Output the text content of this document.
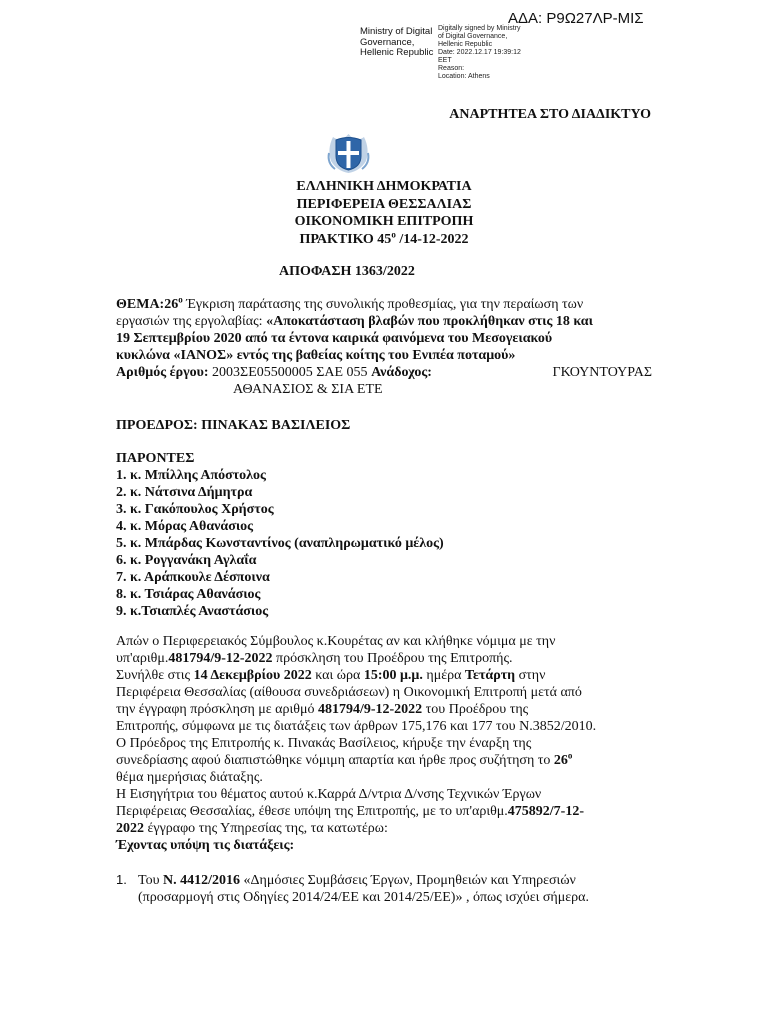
ΑΔΑ: Ρ9Ω27ΛΡ-ΜΙΣ
Ministry of Digital
Governance,
Hellenic Republic
Digitally signed by Ministry
of Digital Governance,
Hellenic Republic
Date: 2022.12.17 19:39:12
EET
Reason:
Location: Athens
ΑΝΑΡΤΗΤΕΑ ΣΤΟ ΔΙΑΔΙΚΤΥΟ
ΕΛΛΗΝΙΚΗ ΔΗΜΟΚΡΑΤΙΑ
ΠΕΡΙΦΕΡΕΙΑ ΘΕΣΣΑΛΙΑΣ
ΟΙΚΟΝΟΜΙΚΗ ΕΠΙΤΡΟΠΗ
ΠΡΑΚΤΙΚΟ $45^o$ /14-12-2022
ΑΠΟΦΑΣΗ 1363/2022
$\Theta EMA:26^o$ Έγκριση παράτασης της συνολικής προθεσμίας, για την περαίωση των
εργασιών της εργολαβίας: «Αποκατάσταση βλαβών που προκλήθηκαν στις 18 και
19 Σεπτεμβρίου 2020 από τα έντονα καιρικά φαινόμενα του Μεσογειακού
κυκλώνα «ΙΑΝΟΣ» εντός της βαθείας κοίτης του Ενιπέα ποταμού»
Αριθμός έργου: 2003ΣΕ05500005 ΣΑΕ 055 Ανάδοχος:	ΓΚΟΥΝΤΟΥΡΑΣ
ΑΘΑΝΑΣΙΟΣ & ΣΙΑ ΕΤΕ
ΠΡΟΕΔΡΟΣ: ΠΙΝΑΚΑΣ ΒΑΣΙΛΕΙΟΣ
ΠΑΡΟΝΤΕΣ
1. κ. Μπίλλης Απόστολος
2. κ. Νάτσινα Δήμητρα
3. κ. Γακόπουλος Χρήστος
4. κ. Μόρας Αθανάσιος
5. κ. Μπάρδας Κωνσταντίνος (αναπληρωματικό μέλος)
6. κ. Ρογγανάκη Αγλαΐα
7. κ. Αράπκουλε Δέσποινα
8. κ. Τσιάρας Αθανάσιος
9. κ.Τσιαπλές Αναστάσιος
Απών ο Περιφερειακός Σύμβουλος κ.Κουρέτας αν και κλήθηκε νόμιμα με την
υπ'αριθμ.481794/9-12-2022 πρόσκληση του Προέδρου της Επιτροπής.
Συνήλθε στις 14 Δεκεμβρίου 2022 και ώρα 15:00 μ.μ. ημέρα Τετάρτη στην
Περιφέρεια Θεσσαλίας (αίθουσα συνεδριάσεων) η Οικονομική Επιτροπή μετά από
την έγγραφη πρόσκληση με αριθμό 481794/9-12-2022 του Προέδρου της
Επιτροπής, σύμφωνα με τις διατάξεις των άρθρων 175,176 και 177 του Ν.3852/2010.
Ο Πρόεδρος της Επιτροπής κ. Πινακάς Βασίλειος, κήρυξε την έναρξη της
συνεδρίασης αφού διαπιστώθηκε νόμιμη απαρτία και ήρθε προς συζήτηση το $26^o$
θέμα ημερήσιας διάταξης.
Η Εισηγήτρια του θέματος αυτού κ.Καρρά Δ/ντρια Δ/νσης Τεχνικών Έργων
Περιφέρειας Θεσσαλίας, έθεσε υπόψη της Επιτροπής, με το υπ'αριθμ.475892/7-12-
2022 έγγραφο της Υπηρεσίας της, τα κατωτέρω:
Έχοντας υπόψη τις διατάξεις:
1. Του Ν. 4412/2016 «Δημόσιες Συμβάσεις Έργων, Προμηθειών και Υπηρεσιών
(προσαρμογή στις Οδηγίες 2014/24/ΕΕ και 2014/25/ΕΕ)» , όπως ισχύει σήμερα.
